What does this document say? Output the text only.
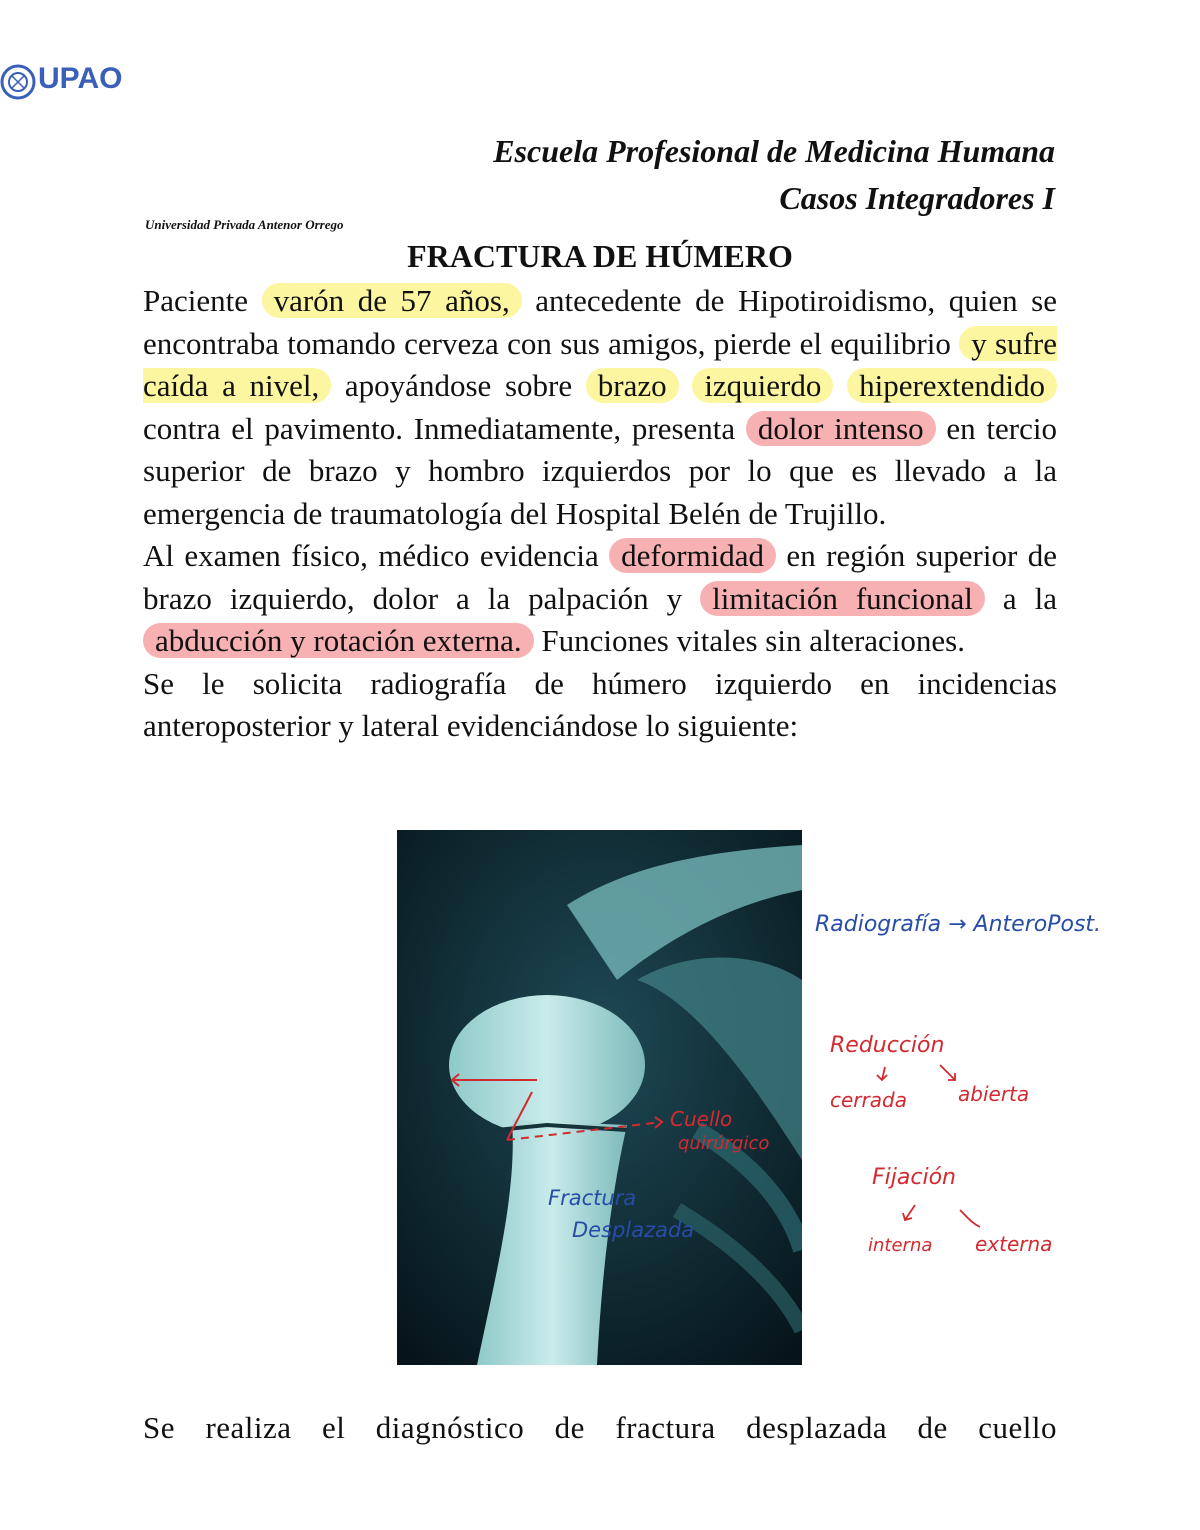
UPAO
Escuela Profesional de Medicina Humana
Casos Integradores I
Universidad Privada Antenor Orrego
FRACTURA DE HÚMERO

Paciente varón de 57 años, antecedente de Hipotiroidismo, quien se encontraba tomando cerveza con sus amigos, pierde el equilibrio y sufre caída a nivel, apoyándose sobre brazo izquierdo hiperextendido contra el pavimento. Inmediatamente, presenta dolor intenso en tercio superior de brazo y hombro izquierdos por lo que es llevado a la emergencia de traumatología del Hospital Belén de Trujillo.

Al examen físico, médico evidencia deformidad en región superior de brazo izquierdo, dolor a la palpación y limitación funcional a la abducción y rotación externa. Funciones vitales sin alteraciones.

Se le solicita radiografía de húmero izquierdo en incidencias anteroposterior y lateral evidenciándose lo siguiente:

Radiografía → AnteroPost.
Cuello
quirúrgico
Fractura
Desplazada
Reducción
cerrada	abierta
Fijación
interna externa
Se realiza el diagnóstico de fractura desplazada de cuello
